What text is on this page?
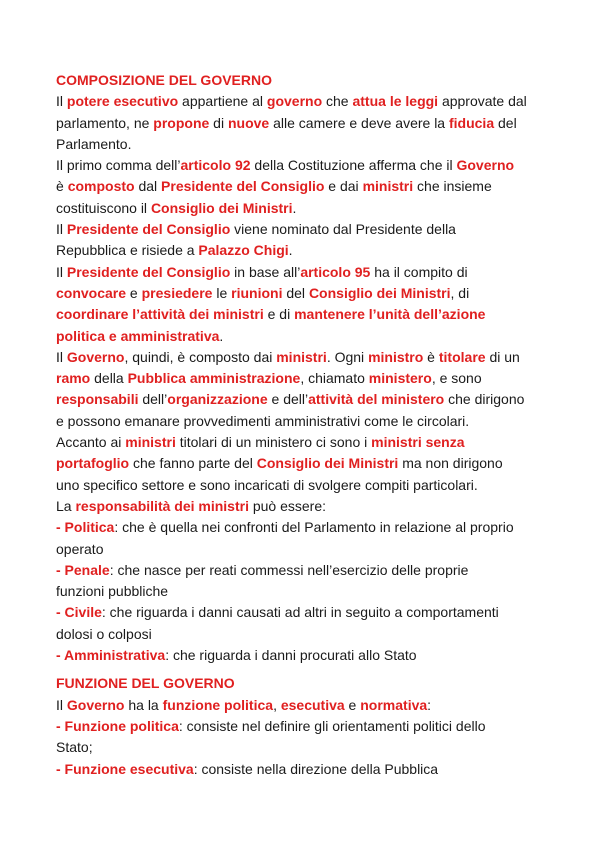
COMPOSIZIONE DEL GOVERNO
Il potere esecutivo appartiene al governo che attua le leggi approvate dal
parlamento, ne propone di nuove alle camere e deve avere la fiducia del
Parlamento.
Il primo comma dell’articolo 92 della Costituzione afferma che il Governo
è composto dal Presidente del Consiglio e dai ministri che insieme
costituiscono il Consiglio dei Ministri.
Il Presidente del Consiglio viene nominato dal Presidente della
Repubblica e risiede a Palazzo Chigi.
Il Presidente del Consiglio in base all’articolo 95 ha il compito di
convocare e presiedere le riunioni del Consiglio dei Ministri, di
coordinare l’attività dei ministri e di mantenere l’unità dell’azione
politica e amministrativa.
Il Governo, quindi, è composto dai ministri. Ogni ministro è titolare di un
ramo della Pubblica amministrazione, chiamato ministero, e sono
responsabili dell’organizzazione e dell’attività del ministero che dirigono
e possono emanare provvedimenti amministrativi come le circolari.
Accanto ai ministri titolari di un ministero ci sono i ministri senza
portafoglio che fanno parte del Consiglio dei Ministri ma non dirigono
uno specifico settore e sono incaricati di svolgere compiti particolari.
La responsabilità dei ministri può essere:
- Politica: che è quella nei confronti del Parlamento in relazione al proprio
operato
- Penale: che nasce per reati commessi nell’esercizio delle proprie
funzioni pubbliche
- Civile: che riguarda i danni causati ad altri in seguito a comportamenti
dolosi o colposi
- Amministrativa: che riguarda i danni procurati allo Stato
FUNZIONE DEL GOVERNO
Il Governo ha la funzione politica, esecutiva e normativa:
- Funzione politica: consiste nel definire gli orientamenti politici dello
Stato;
- Funzione esecutiva: consiste nella direzione della Pubblica
